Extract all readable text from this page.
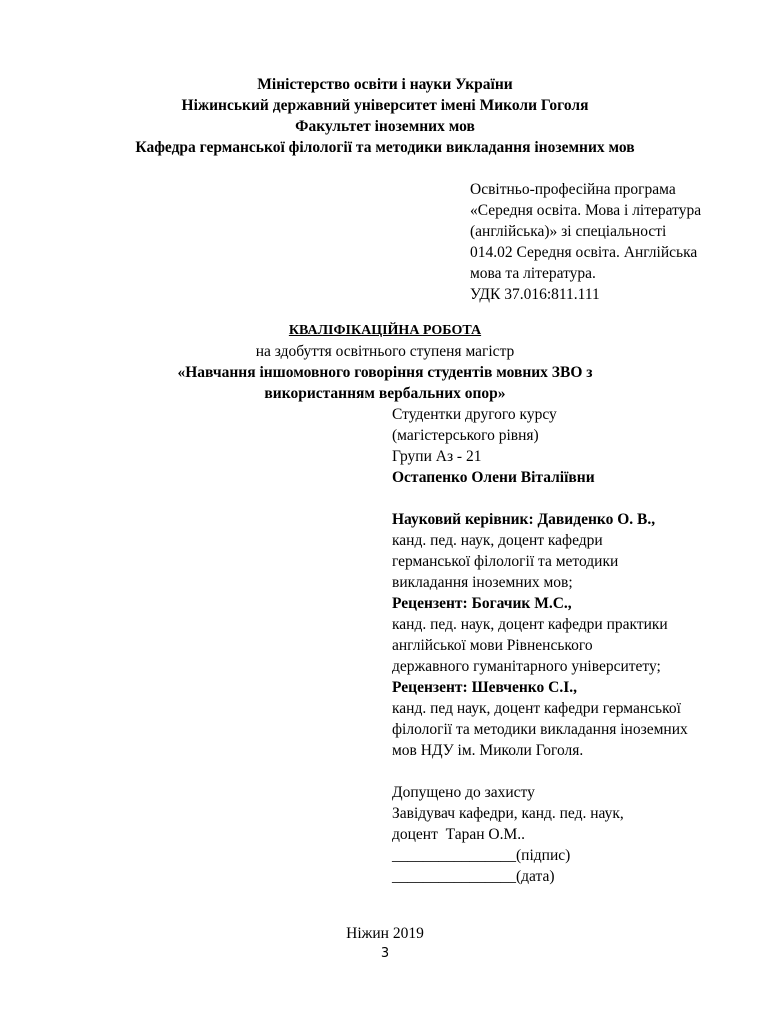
Міністерство освіти і науки України
Ніжинський державний університет імені Миколи Гоголя
Факультет іноземних мов
Кафедра германської філології та методики викладання іноземних мов
Освітньо-професійна програма
«Середня освіта. Мова і література
(англійська)» зі спеціальності
014.02 Середня освіта. Англійська
мова та література.
УДК 37.016:811.111
КВАЛІФІКАЦІЙНА РОБОТА
на здобуття освітнього ступеня магістр
«Навчання іншомовного говоріння студентів мовних ЗВО з
використанням вербальних опор»
Студентки другого курсу
(магістерського рівня)
Групи Аз - 21
Остапенко Олени Віталіївни
Науковий керівник: Давиденко О. В.,
канд. пед. наук, доцент кафедри
германської філології та методики
викладання іноземних мов;
Рецензент: Богачик М.С.,
канд. пед. наук, доцент кафедри практики
англійської мови Рівненського
державного гуманітарного університету;
Рецензент: Шевченко С.І.,
канд. пед наук, доцент кафедри германської
філології та методики викладання іноземних
мов НДУ ім. Миколи Гоголя.
Допущено до захисту
Завідувач кафедри, канд. пед. наук,
доцент  Таран О.М..
________________(підпис)
________________(дата)
Ніжин 2019
3
